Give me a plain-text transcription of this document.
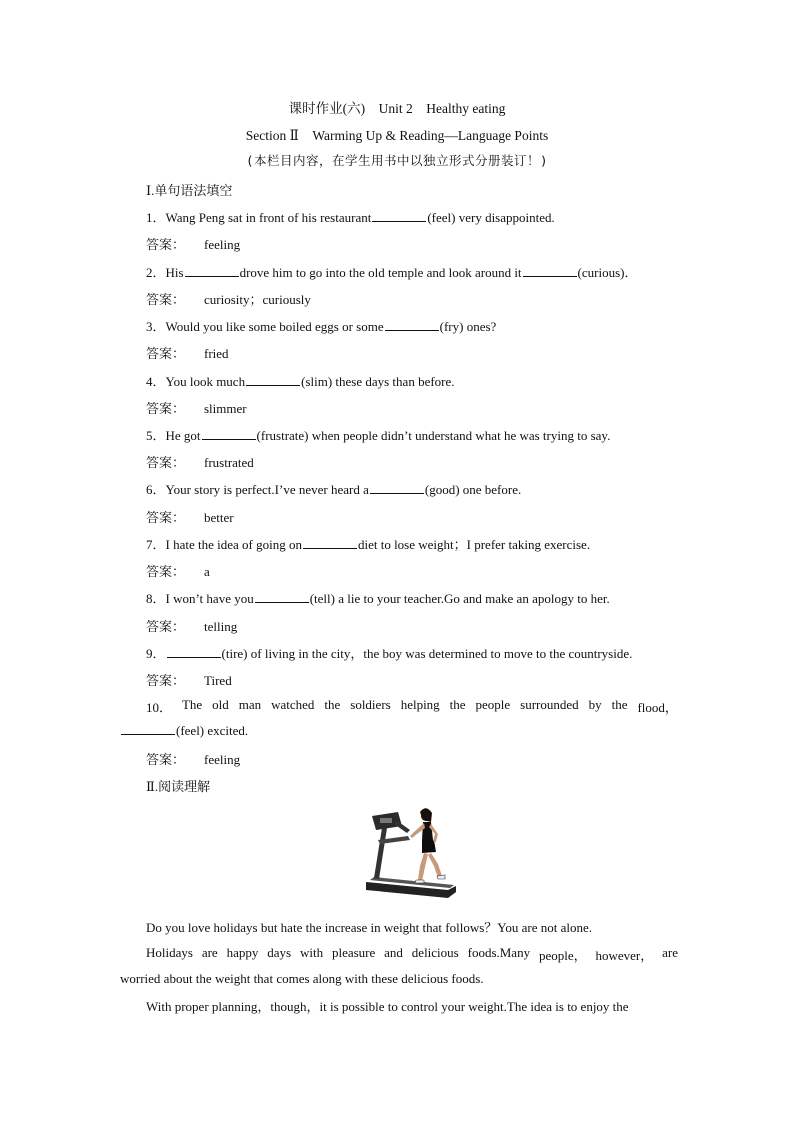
课时作业(六)　Unit 2　Healthy eating
Section Ⅱ　Warming Up & Reading—Language Points
(本栏目内容，在学生用书中以独立形式分册装订！)
Ⅰ.单句语法填空
1．Wang Peng sat in front of his restaurant	(feel) very disappointed.
答案： feeling
2．His	drove him to go into the old temple and look around it	(curious)．
答案： curiosity；curiously
3．Would you like some boiled eggs or some	(fry) ones?
答案： fried
4．You look much	(slim) these days than before.
答案： slimmer
5．He got	(frustrate) when people didn’t understand what he was trying to say.
答案： frustrated
6．Your story is perfect.I’ve never heard a	(good) one before.
答案： better
7．I hate the idea of going on	diet to lose weight；I prefer taking exercise.
答案： a
8．I won’t have you	(tell) a lie to your teacher.Go and make an apology to her.
答案： telling
9．	(tire) of living in the city，the boy was determined to move to the countryside.
答案： Tired
10． The old man watched the soldiers helping the people surrounded by the flood，
(feel) excited.
答案： feeling
Ⅱ.阅读理解
Do you love holidays but hate the increase in weight that follows？You are not alone.
Holidays are happy days with pleasure and delicious foods.Many people， however， are
worried about the weight that comes along with these delicious foods.
With proper planning，though，it is possible to control your weight.The idea is to enjoy the
